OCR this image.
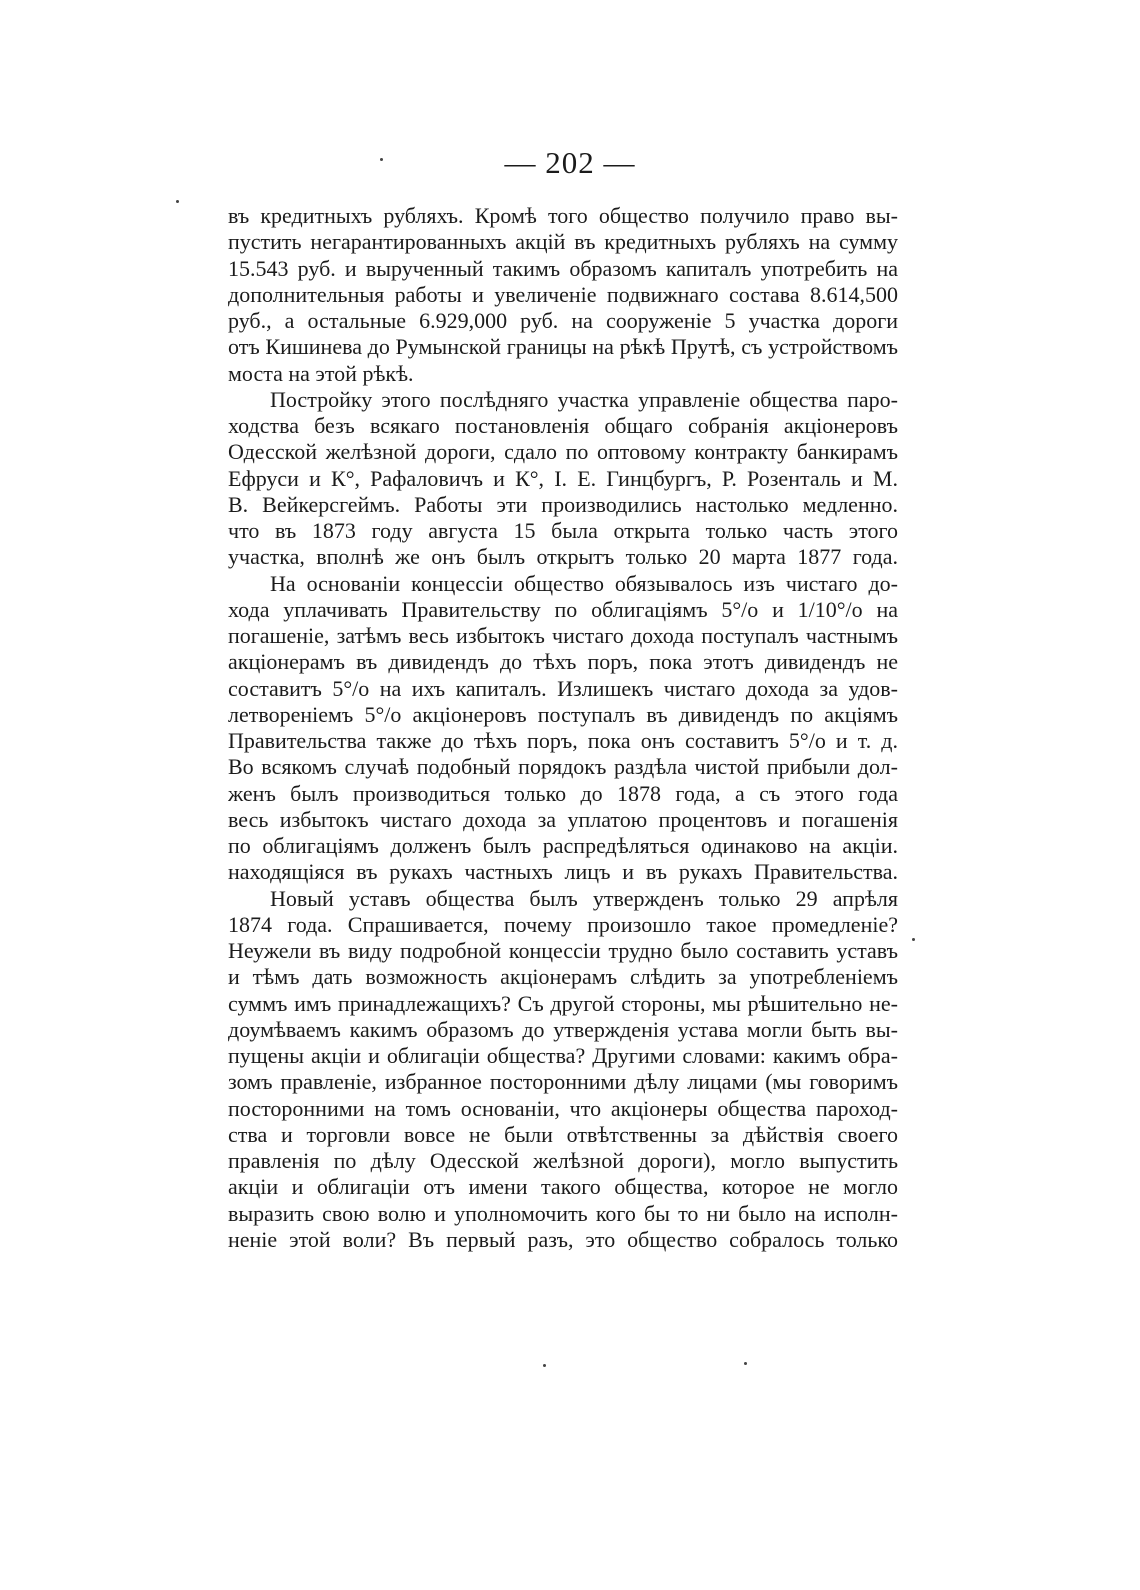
— 202 —
въ кредитныхъ рубляхъ. Кромѣ того общество получило право вы-
пустить негарантированныхъ акцій въ кредитныхъ рубляхъ на сумму
15.543 руб. и вырученный такимъ образомъ капиталъ употребить на
дополнительныя работы и увеличеніе подвижнаго состава 8.614,500
руб., а остальные 6.929,000 руб. на сооруженіе 5 участка дороги
отъ Кишинева до Румынской границы на рѣкѣ Прутѣ, съ устройствомъ
моста на этой рѣкѣ.
Постройку этого послѣдняго участка управленіе общества паро-
ходства безъ всякаго постановленія общаго собранія акціонеровъ
Одесской желѣзной дороги, сдало по оптовому контракту банкирамъ
Ефруси и К°, Рафаловичъ и К°, І. Е. Гинцбургъ, Р. Розенталь и М.
В. Вейкерсгеймъ. Работы эти производились настолько медленно.
что въ 1873 году августа 15 была открыта только часть этого
участка, вполнѣ же онъ былъ открытъ только 20 марта 1877 года.
На основаніи концессіи общество обязывалось изъ чистаго до-
хода уплачивать Правительству по облигаціямъ 5°/о и 1/10°/о на
погашеніе, затѣмъ весь избытокъ чистаго дохода поступалъ частнымъ
акціонерамъ въ дивидендъ до тѣхъ поръ, пока этотъ дивидендъ не
составитъ 5°/о на ихъ капиталъ. Излишекъ чистаго дохода за удов-
летвореніемъ 5°/о акціонеровъ поступалъ въ дивидендъ по акціямъ
Правительства также до тѣхъ поръ, пока онъ составитъ 5°/о и т. д.
Во всякомъ случаѣ подобный порядокъ раздѣла чистой прибыли дол-
женъ былъ производиться только до 1878 года, а съ этого года
весь избытокъ чистаго дохода за уплатою процентовъ и погашенія
по облигаціямъ долженъ былъ распредѣляться одинаково на акціи.
находящіяся въ рукахъ частныхъ лицъ и въ рукахъ Правительства.
Новый уставъ общества былъ утвержденъ только 29 апрѣля
1874 года. Спрашивается, почему произошло такое промедленіе?
Неужели въ виду подробной концессіи трудно было составить уставъ
и тѣмъ дать возможность акціонерамъ слѣдить за употребленіемъ
суммъ имъ принадлежащихъ? Съ другой стороны, мы рѣшительно не-
доумѣваемъ какимъ образомъ до утвержденія устава могли быть вы-
пущены акціи и облигаціи общества? Другими словами: какимъ обра-
зомъ правленіе, избранное посторонними дѣлу лицами (мы говоримъ
посторонними на томъ основаніи, что акціонеры общества пароход-
ства и торговли вовсе не были отвѣтственны за дѣйствія своего
правленія по дѣлу Одесской желѣзной дороги), могло выпустить
акціи и облигаціи отъ имени такого общества, которое не могло
выразить свою волю и уполномочить кого бы то ни было на исполн-
неніе этой воли? Въ первый разъ, это общество собралось только
